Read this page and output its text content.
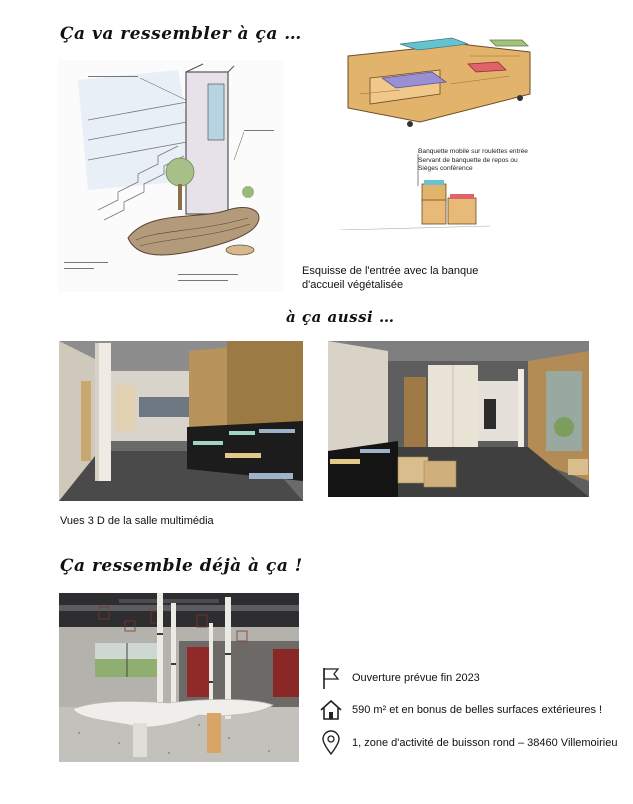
Ça va ressembler à ça …
à ça aussi …
Ça ressemble déjà à ça !
Banquette mobile sur roulettes entrée
Servant de banquette de repos ou
Sièges conférence
Esquisse de l'entrée avec la banque d'accueil végétalisée
Vues 3 D de la salle multimédia
Ouverture prévue fin 2023
590 m² et en bonus de belles surfaces extérieures !
1, zone d'activité de buisson rond – 38460 Villemoirieu
